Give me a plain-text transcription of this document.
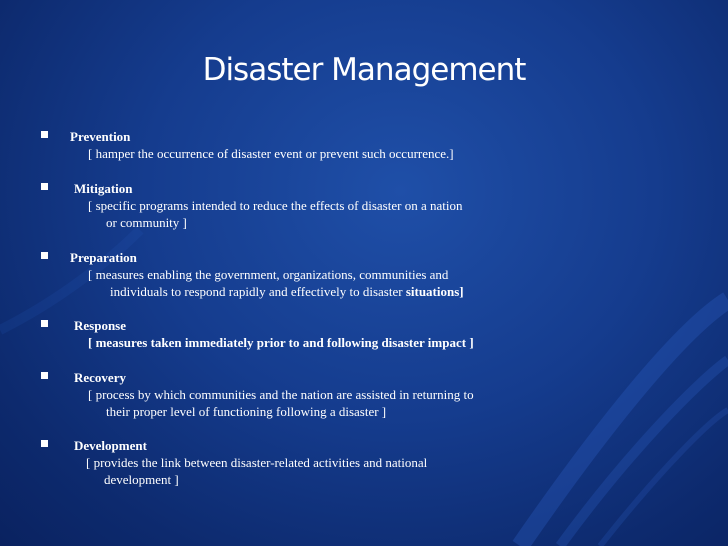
Disaster Management
Prevention
[ hamper the occurrence of disaster event or prevent such occurrence.]
Mitigation
[ specific programs intended to reduce the effects of disaster on a nation
or community ]
Preparation
[ measures enabling the government, organizations, communities and
individuals to respond rapidly and effectively to disaster situations]
Response
[ measures taken immediately prior to and following disaster impact ]
Recovery
[ process by which communities and the nation are assisted in returning to
their proper level of functioning following a disaster ]
Development
[ provides the link between disaster-related activities and national
development ]
